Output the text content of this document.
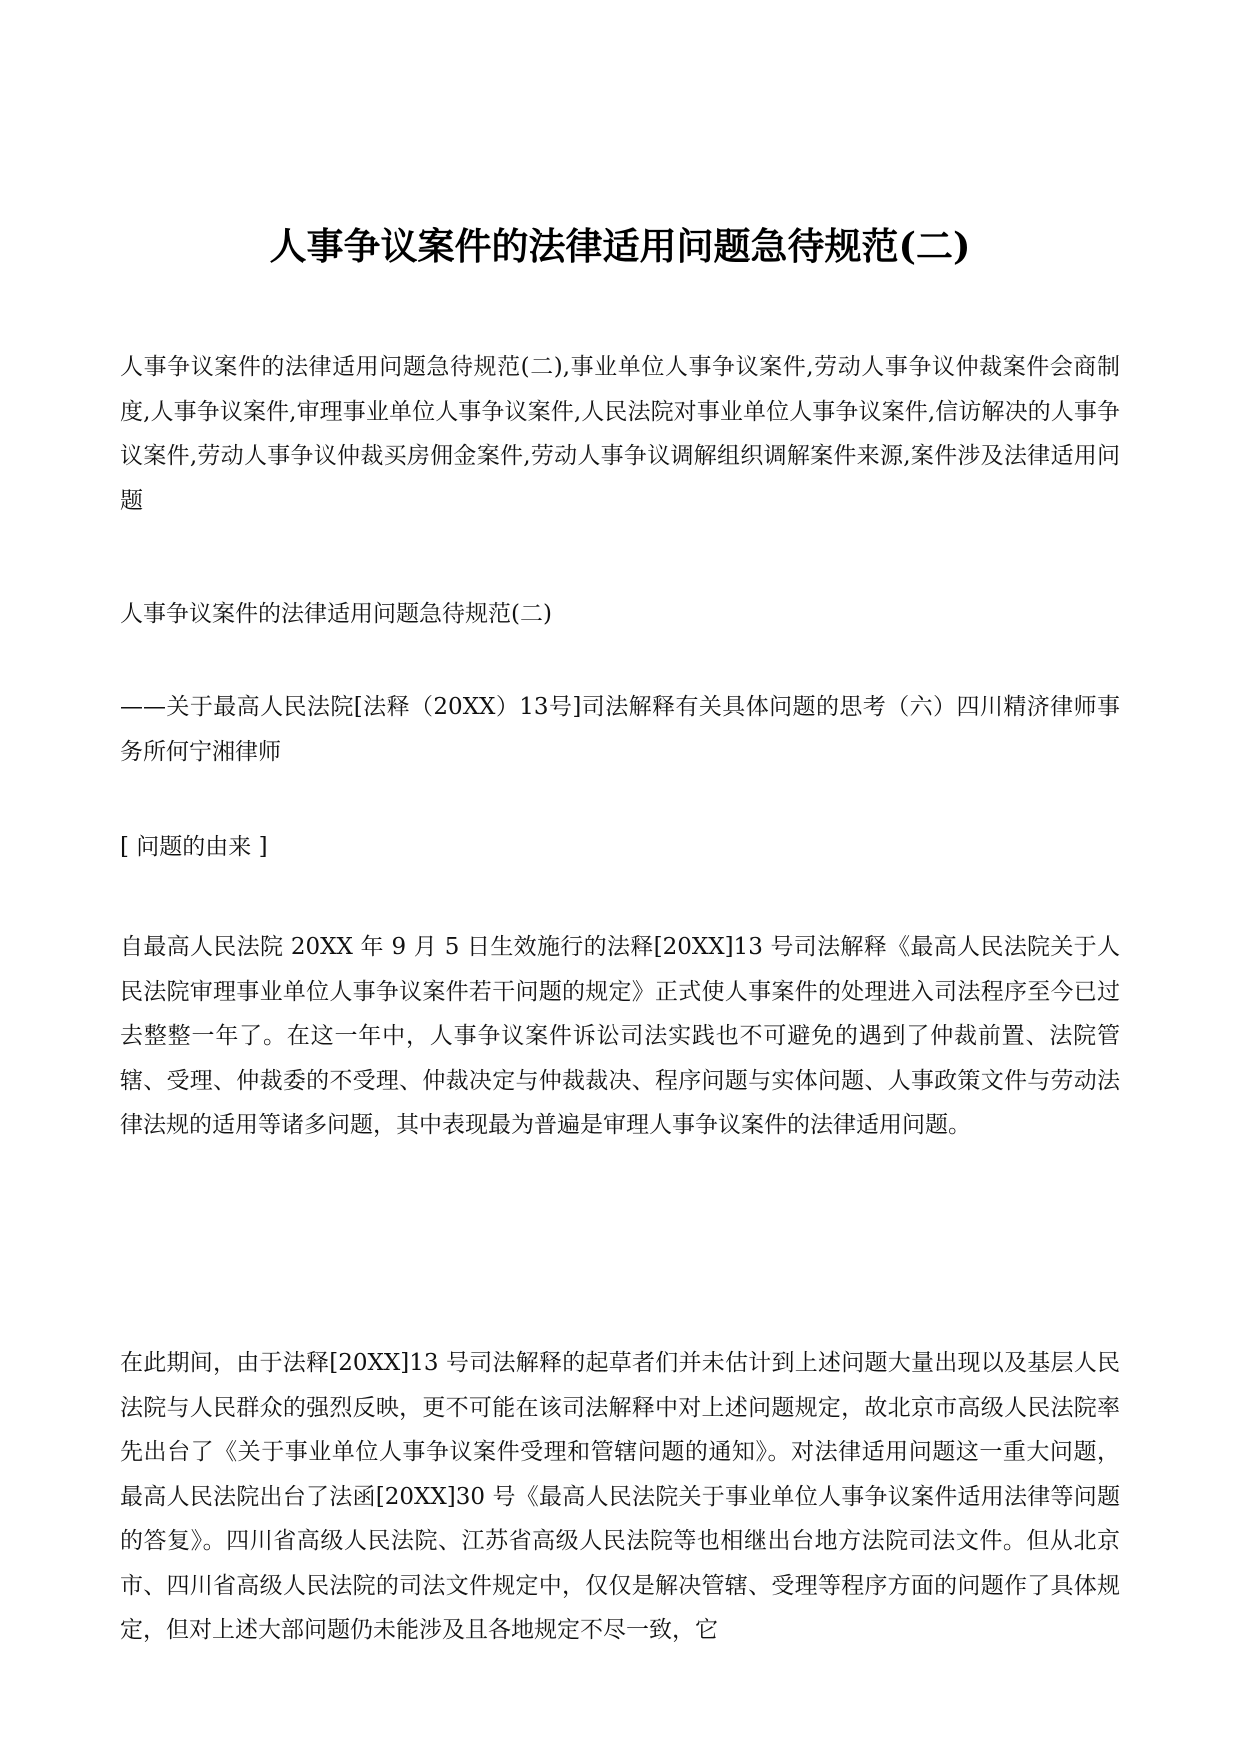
人事争议案件的法律适用问题急待规范(二)
人事争议案件的法律适用问题急待规范(二),事业单位人事争议案件,劳动人事争议仲裁案件会商制度,人事争议案件,审理事业单位人事争议案件,人民法院对事业单位人事争议案件,信访解决的人事争议案件,劳动人事争议仲裁买房佣金案件,劳动人事争议调解组织调解案件来源,案件涉及法律适用问题
人事争议案件的法律适用问题急待规范(二)
——关于最高人民法院[法释（20XX）13号]司法解释有关具体问题的思考（六）四川精济律师事务所何宁湘律师
[ 问题的由来 ]
自最高人民法院 20XX 年 9 月 5 日生效施行的法释[20XX]13 号司法解释《最高人民法院关于人民法院审理事业单位人事争议案件若干问题的规定》正式使人事案件的处理进入司法程序至今已过去整整一年了。在这一年中，人事争议案件诉讼司法实践也不可避免的遇到了仲裁前置、法院管辖、受理、仲裁委的不受理、仲裁决定与仲裁裁决、程序问题与实体问题、人事政策文件与劳动法律法规的适用等诸多问题，其中表现最为普遍是审理人事争议案件的法律适用问题。
在此期间，由于法释[20XX]13 号司法解释的起草者们并未估计到上述问题大量出现以及基层人民法院与人民群众的强烈反映，更不可能在该司法解释中对上述问题规定，故北京市高级人民法院率先出台了《关于事业单位人事争议案件受理和管辖问题的通知》。对法律适用问题这一重大问题，最高人民法院出台了法函[20XX]30 号《最高人民法院关于事业单位人事争议案件适用法律等问题的答复》。四川省高级人民法院、江苏省高级人民法院等也相继出台地方法院司法文件。但从北京市、四川省高级人民法院的司法文件规定中，仅仅是解决管辖、受理等程序方面的问题作了具体规定，但对上述大部问题仍未能涉及且各地规定不尽一致，它
